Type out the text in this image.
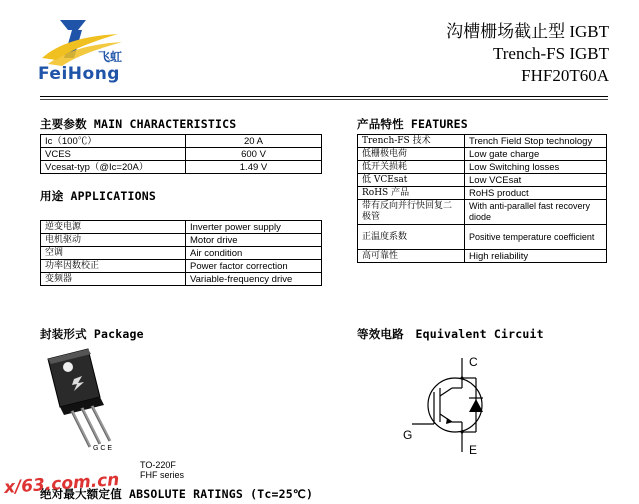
飞虹
FeiHong
沟槽栅场截止型 IGBT
Trench-FS IGBT
FHF20T60A
主要参数 MAIN CHARACTERISTICS
Ic（100℃）	20 A
VCES	600 V
Vcesat-typ（@Ic=20A）	1.49 V
用途 APPLICATIONS
逆变电源	Inverter power supply
电机驱动	Motor drive
空调	Air condition
功率因数校正	Power factor correction
变频器	Variable-frequency drive
产品特性 FEATURES
Trench-FS 技术	Trench Field Stop technology
低栅极电荷	Low gate charge
低开关损耗	Low Switching losses
低 VCEsat	Low VCEsat
RoHS 产品	RoHS product
带有反向并行快回复二极管	With anti-parallel fast recovery diode
正温度系数	Positive temperature coefficient
高可靠性	High reliability
封装形式 Package
G C E
TO-220F
FHF series
等效电路　Equivalent Circuit
C
G
E
绝对最大额定值 ABSOLUTE RATINGS (Tc=25℃)
x/63.com.cn
